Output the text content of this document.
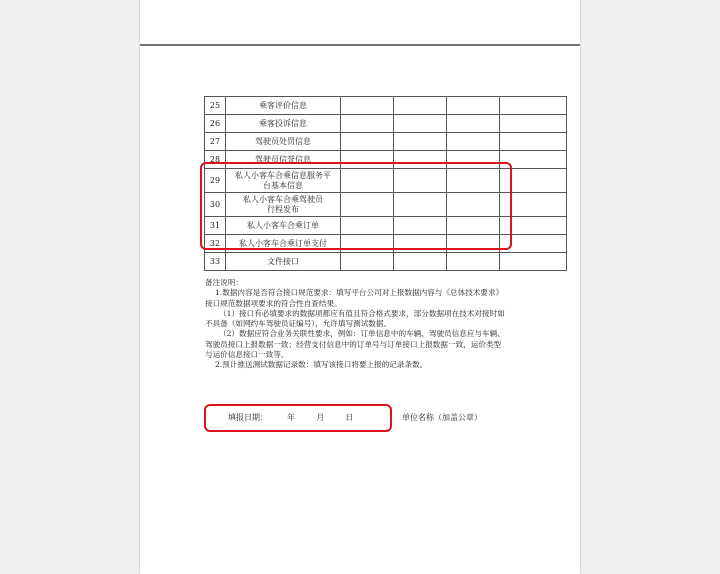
25	乘客评价信息				

26	乘客投诉信息				

27	驾驶员处罚信息				

28	驾驶员信誉信息				

29	私人小客车合乘信息服务平
台基本信息				

30	私人小客车合乘驾驶员
行程发布				

31	私人小客车合乘订单				

32	私人小客车合乘订单支付				

33	文件接口				

备注说明：

1.数据内容是否符合接口规范要求：填写平台公司对上报数据内容与《总体技术要求》接口规范数据项要求的符合性自查结果。

（1）接口有必填要求的数据项都应有值且符合格式要求，部分数据项在技术对接时如不具备（如网约车驾驶员证编号），允许填写测试数据。

（2）数据应符合业务关联性要求，例如：订单信息中的车辆、驾驶员信息应与车辆、驾驶员接口上报数据一致；经营支付信息中的订单号与订单接口上报数据一致，运价类型与运价信息接口一致等。

2.预计推送测试数据记录数：填写该接口将要上报的记录条数。

填报日期： 年	月	日	单位名称（加盖公章）
